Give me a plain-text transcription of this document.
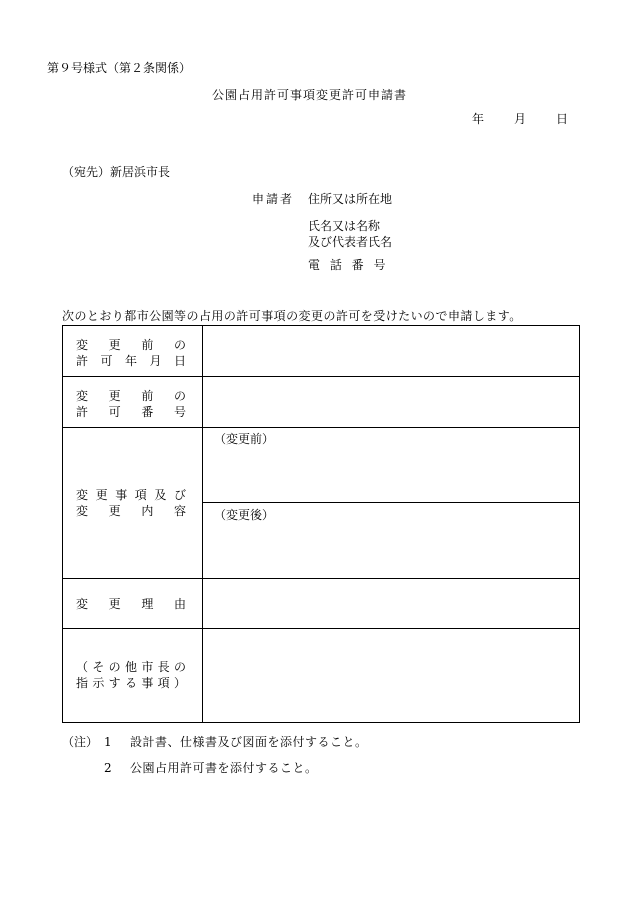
第９号様式（第２条関係）
公園占用許可事項変更許可申請書
年 月 日
（宛先）新居浜市長
申請者 住所又は所在地
氏名又は名称
及び代表者氏名
電 話 番 号
次のとおり都市公園等の占用の許可事項の変更の許可を受けたいので申請します。
変 更 前 の
許 可 年 月 日
変 更 前 の
許 可 番 号
変 更 事 項 及 び
変 更 内 容
（変更前）
（変更後）
変 更 理 由
（ そ の 他 市 長 の
指 示 す る 事 項 ）
（注） 1 設計書、仕様書及び図面を添付すること。
2 公園占用許可書を添付すること。
